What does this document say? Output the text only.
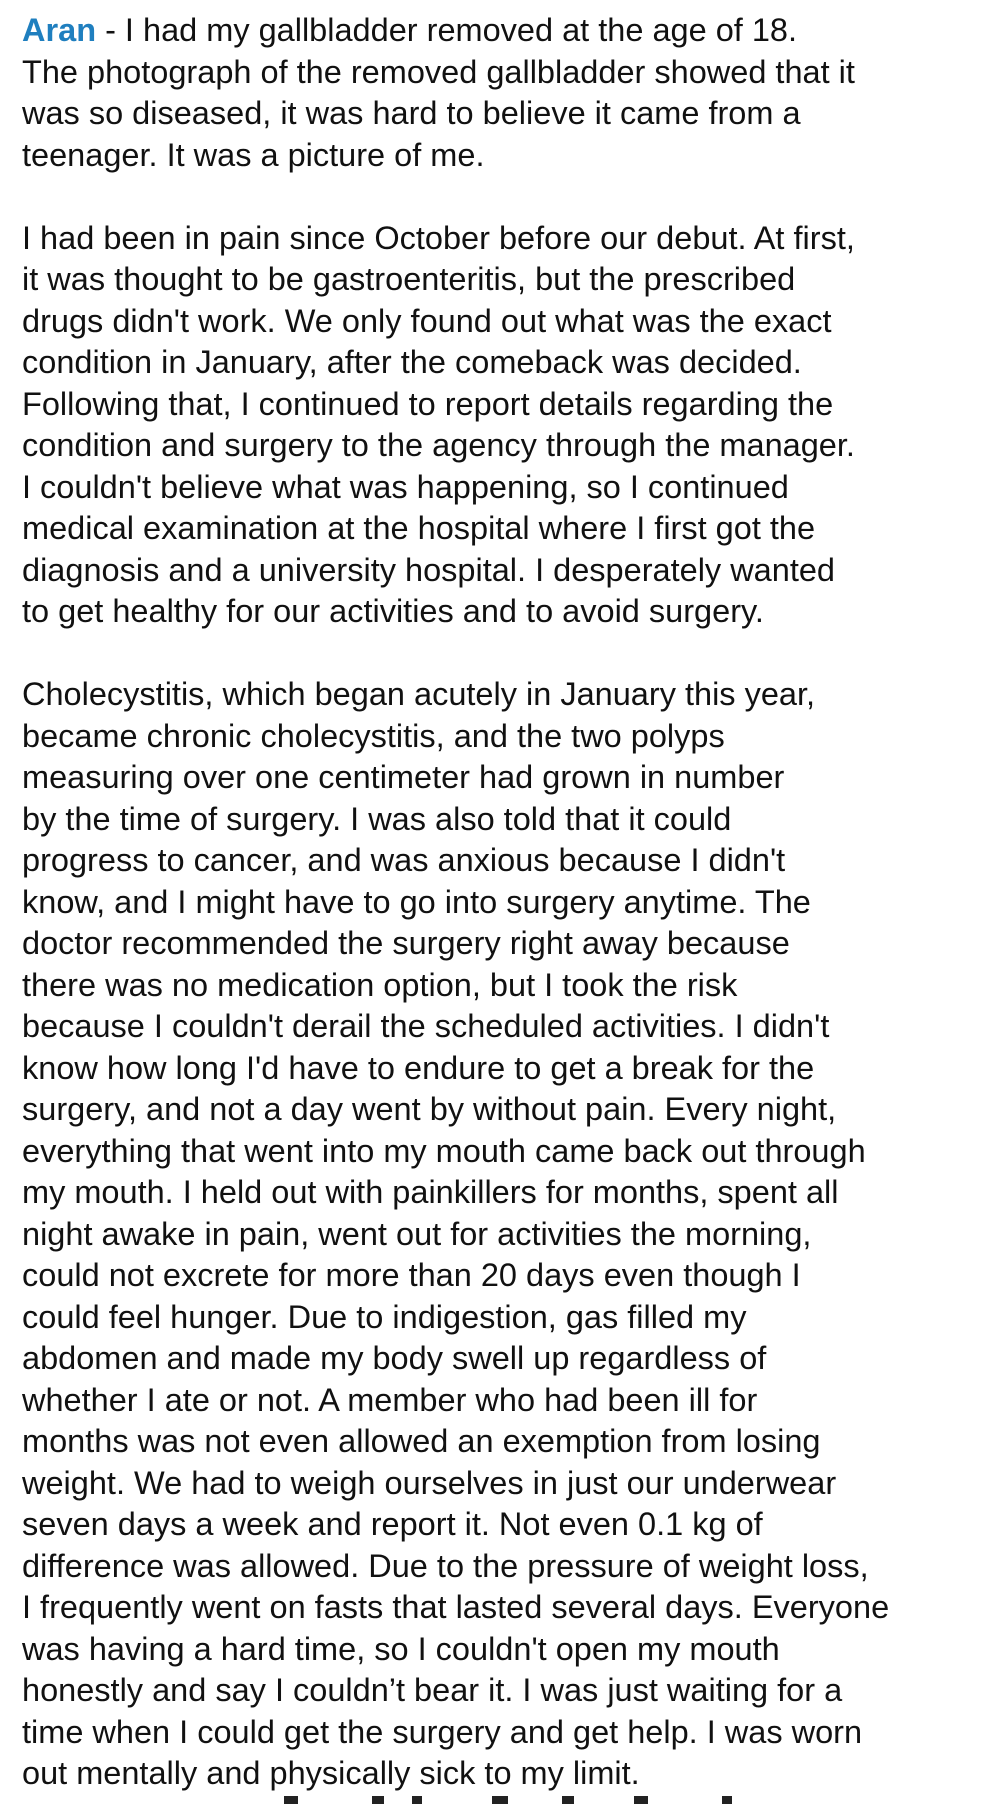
Aran - I had my gallbladder removed at the age of 18.
The photograph of the removed gallbladder showed that it
was so diseased, it was hard to believe it came from a
teenager. It was a picture of me.

I had been in pain since October before our debut. At first,
it was thought to be gastroenteritis, but the prescribed
drugs didn't work. We only found out what was the exact
condition in January, after the comeback was decided.
Following that, I continued to report details regarding the
condition and surgery to the agency through the manager.
I couldn't believe what was happening, so I continued
medical examination at the hospital where I first got the
diagnosis and a university hospital. I desperately wanted
to get healthy for our activities and to avoid surgery.

Cholecystitis, which began acutely in January this year,
became chronic cholecystitis, and the two polyps
measuring over one centimeter had grown in number
by the time of surgery. I was also told that it could
progress to cancer, and was anxious because I didn't
know, and I might have to go into surgery anytime. The
doctor recommended the surgery right away because
there was no medication option, but I took the risk
because I couldn't derail the scheduled activities. I didn't
know how long I'd have to endure to get a break for the
surgery, and not a day went by without pain. Every night,
everything that went into my mouth came back out through
my mouth. I held out with painkillers for months, spent all
night awake in pain, went out for activities the morning,
could not excrete for more than 20 days even though I
could feel hunger. Due to indigestion, gas filled my
abdomen and made my body swell up regardless of
whether I ate or not. A member who had been ill for
months was not even allowed an exemption from losing
weight. We had to weigh ourselves in just our underwear
seven days a week and report it. Not even 0.1 kg of
difference was allowed. Due to the pressure of weight loss,
I frequently went on fasts that lasted several days. Everyone
was having a hard time, so I couldn't open my mouth
honestly and say I couldn’t bear it. I was just waiting for a
time when I could get the surgery and get help. I was worn
out mentally and physically sick to my limit.
